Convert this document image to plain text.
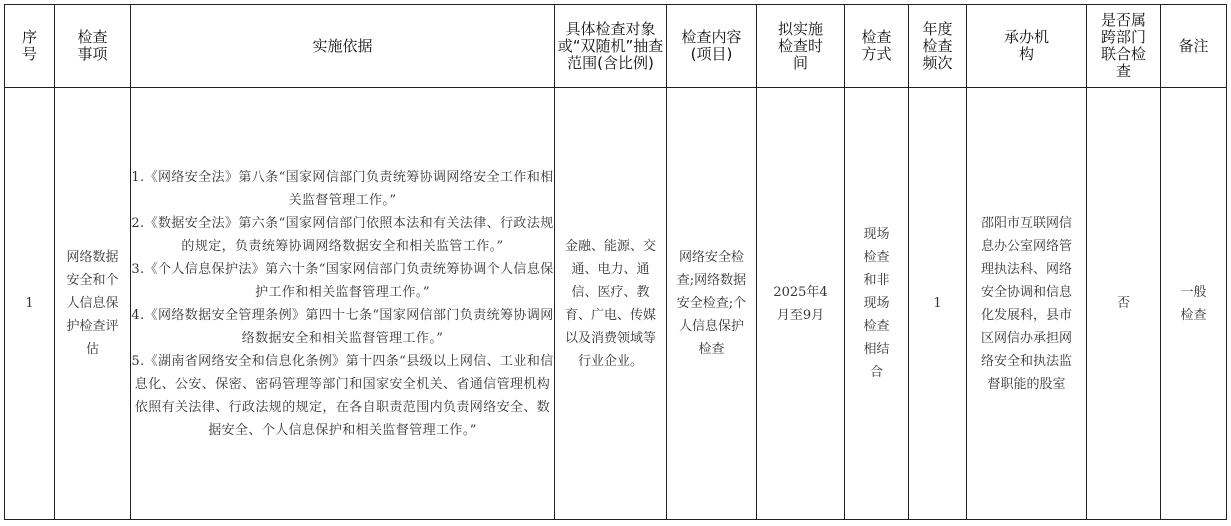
序号	检查事项	实施依据	具体检查对象或“双随机”抽查范围(含比例)	检查内容(项目)	拟实施检查时间	检查方式	年度检查频次	承办机构	是否属跨部门联合检查	备注
1	网络数据安全和个人信息保护检查评估	1.《网络安全法》第八条“国家网信部门负责统筹协调网络安全工作和相关监督管理工作。”
2.《数据安全法》第六条“国家网信部门依照本法和有关法律、行政法规的规定，负责统筹协调网络数据安全和相关监管工作。”
3.《个人信息保护法》第六十条“国家网信部门负责统筹协调个人信息保护工作和相关监督管理工作。”
4.《网络数据安全管理条例》第四十七条“国家网信部门负责统筹协调网络数据安全和相关监督管理工作。”
5.《湖南省网络安全和信息化条例》第十四条“县级以上网信、工业和信息化、公安、保密、密码管理等部门和国家安全机关、省通信管理机构依照有关法律、行政法规的规定，在各自职责范围内负责网络安全、数据安全、个人信息保护和相关监督管理工作。”	金融、能源、交通、电力、通信、医疗、教育、广电、传媒以及消费领域等行业企业。	网络安全检查;网络数据安全检查;个人信息保护检查	2025年4月至9月	现场检查和非现场检查相结合	1	邵阳市互联网信息办公室网络管理执法科、网络安全协调和信息化发展科，县市区网信办承担网络安全和执法监督职能的股室	否	一般检查
